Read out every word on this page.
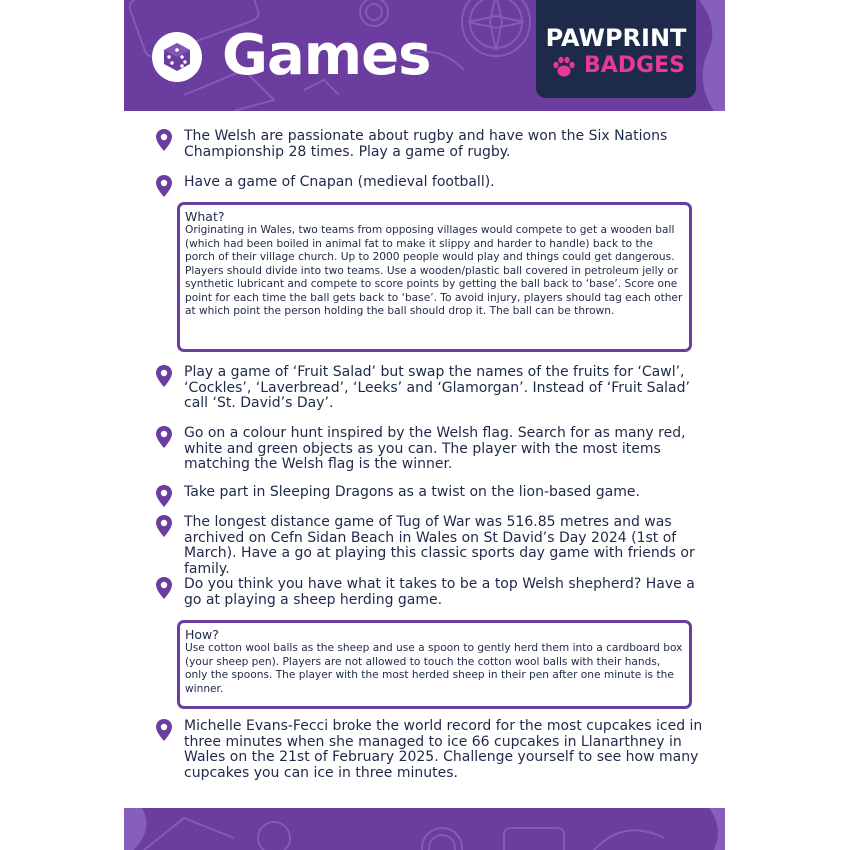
Games	PAWPRINT
BADGES
The Welsh are passionate about rugby and have won the Six Nations Championship 28 times. Play a game of rugby.
Have a game of Cnapan (medieval football).
What?
Originating in Wales, two teams from opposing villages would compete to get a wooden ball (which had been boiled in animal fat to make it slippy and harder to handle) back to the porch of their village church. Up to 2000 people would play and things could get dangerous. Players should divide into two teams. Use a wooden/plastic ball covered in petroleum jelly or synthetic lubricant and compete to score points by getting the ball back to ‘base’. Score one point for each time the ball gets back to ‘base’. To avoid injury, players should tag each other at which point the person holding the ball should drop it. The ball can be thrown.
Play a game of ‘Fruit Salad’ but swap the names of the fruits for ‘Cawl’, ‘Cockles’, ‘Laverbread’, ‘Leeks’ and ‘Glamorgan’. Instead of ‘Fruit Salad’ call ‘St. David’s Day’.
Go on a colour hunt inspired by the Welsh flag. Search for as many red, white and green objects as you can. The player with the most items matching the Welsh flag is the winner.
Take part in Sleeping Dragons as a twist on the lion-based game.
The longest distance game of Tug of War was 516.85 metres and was archived on Cefn Sidan Beach in Wales on St David’s Day 2024 (1st of March). Have a go at playing this classic sports day game with friends or family.
Do you think you have what it takes to be a top Welsh shepherd? Have a go at playing a sheep herding game.
How?
Use cotton wool balls as the sheep and use a spoon to gently herd them into a cardboard box (your sheep pen). Players are not allowed to touch the cotton wool balls with their hands, only the spoons. The player with the most herded sheep in their pen after one minute is the winner.
Michelle Evans-Fecci broke the world record for the most cupcakes iced in three minutes when she managed to ice 66 cupcakes in Llanarthney in Wales on the 21st of February 2025. Challenge yourself to see how many cupcakes you can ice in three minutes.
